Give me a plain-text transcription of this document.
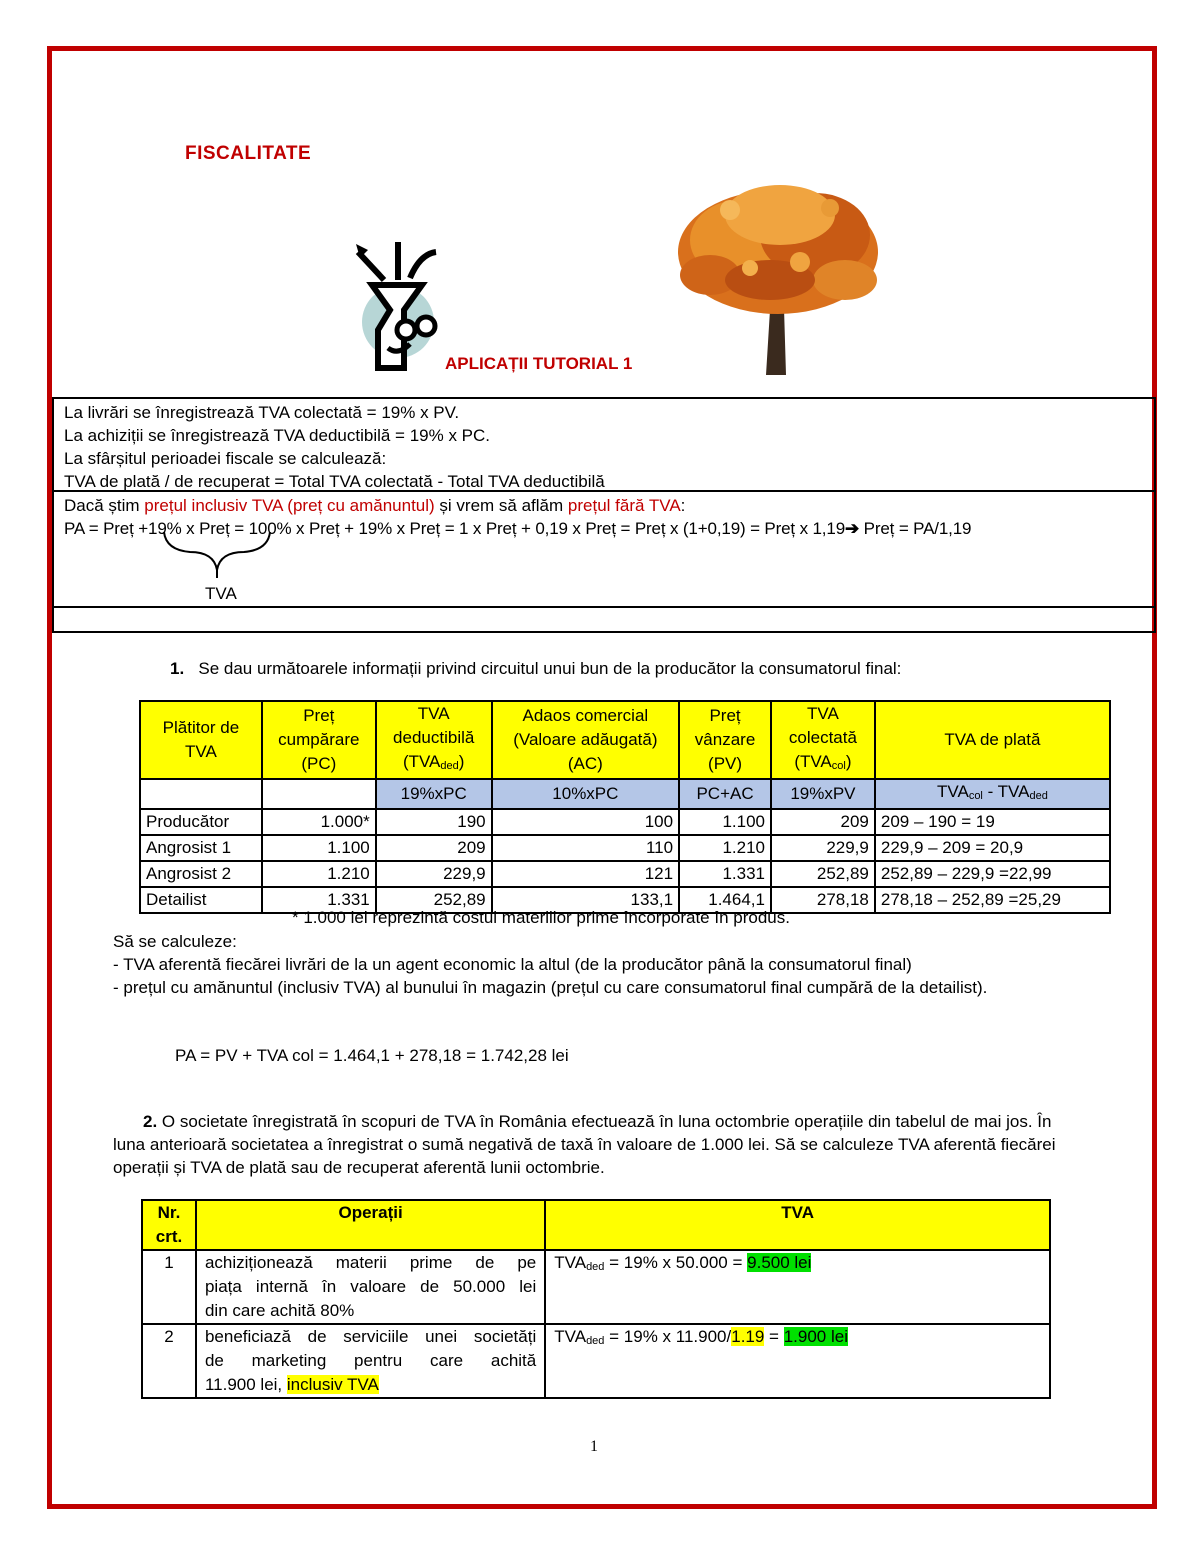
FISCALITATE
APLICAȚII TUTORIAL 1
La livrări se înregistrează TVA colectată = 19% x PV.
La achiziții se înregistrează TVA deductibilă = 19% x PC.
La sfârșitul perioadei fiscale se calculează:
TVA de plată / de recuperat = Total TVA colectată - Total TVA deductibilă
Dacă știm prețul inclusiv TVA (preț cu amănuntul) și vrem să aflăm prețul fără TVA:
PA = Preț +19% x Preț = 100% x Preț + 19% x Preț = 1 x Preț + 0,19 x Preț = Preț x (1+0,19) = Preț x 1,19➔ Preț = PA/1,19
TVA
1. Se dau următoarele informații privind circuitul unui bun de la producător la consumatorul final:
Plătitor de TVA	Preț cumpărare (PC)	TVA deductibilă (TVAded)	Adaos comercial (Valoare adăugată) (AC)	Preț vânzare (PV)	TVA colectată (TVAcol)	TVA de plată
		19%xPC	10%xPC	PC+AC	19%xPV	TVAcol - TVAded
Producător	1.000*	190	100	1.100	209	209 – 190 = 19
Angrosist 1	1.100	209	110	1.210	229,9	229,9 – 209 = 20,9
Angrosist 2	1.210	229,9	121	1.331	252,89	252,89 – 229,9 =22,99
Detailist	1.331	252,89	133,1	1.464,1	278,18	278,18 – 252,89 =25,29
* 1.000 lei reprezintă costul materiilor prime încorporate în produs.
Să se calculeze:
- TVA aferentă fiecărei livrări de la un agent economic la altul (de la producător până la consumatorul final)
- prețul cu amănuntul (inclusiv TVA) al bunului în magazin (prețul cu care consumatorul final cumpără de la detailist).
PA = PV + TVA col = 1.464,1 + 278,18 = 1.742,28 lei
2. O societate înregistrată în scopuri de TVA în România efectuează în luna octombrie operațiile din tabelul de mai jos. În luna anterioară societatea a înregistrat o sumă negativă de taxă în valoare de 1.000 lei. Să se calculeze TVA aferentă fiecărei operații și TVA de plată sau de recuperat aferentă lunii octombrie.
Nr. crt.	Operații	TVA
1	achiziționează materii prime de pe
piața internă în valoare de 50.000 lei
din care achită 80%	TVAded = 19% x 50.000 = 9.500 lei
2	beneficiază de serviciile unei societăți
de marketing pentru care achită
11.900 lei, inclusiv TVA	TVAded = 19% x 11.900/1.19 = 1.900 lei
1
